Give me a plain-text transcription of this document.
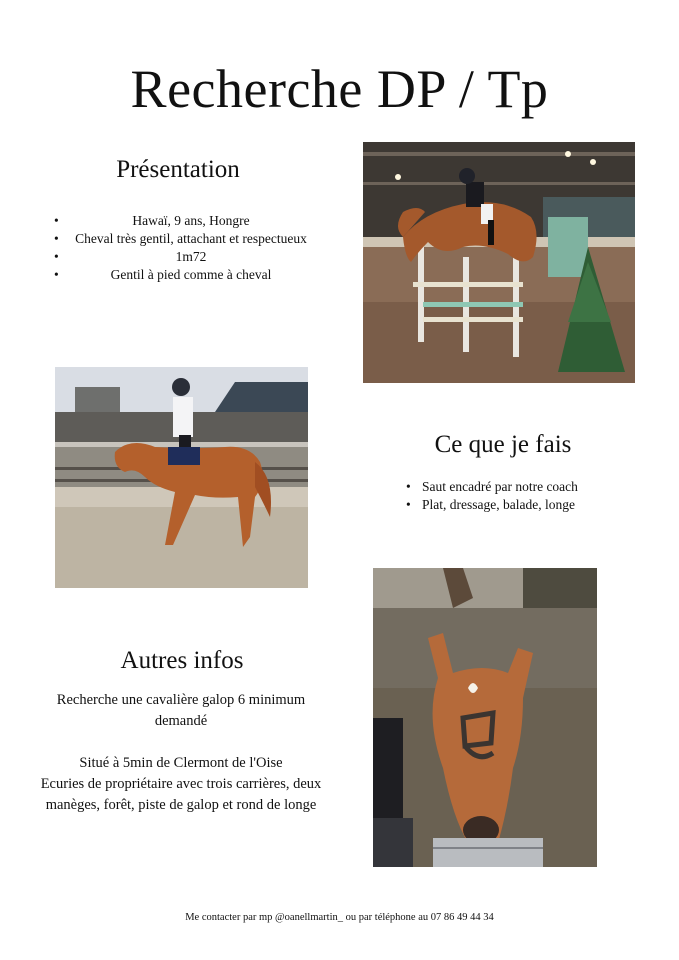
Recherche DP / Tp
Présentation
• Hawaï, 9 ans, Hongre
• Cheval très gentil, attachant et respectueux
• 1m72
• Gentil à pied comme à cheval
Ce que je fais
• Saut encadré par notre coach
• Plat, dressage, balade, longe
Autres infos

Recherche une cavalière galop 6 minimum
demandé

Situé à 5min de Clermont de l'Oise
Ecuries de propriétaire avec trois carrières, deux
manèges, forêt, piste de galop et rond de longe

Me contacter par mp @oanellmartin_ ou par téléphone au 07 86 49 44 34
